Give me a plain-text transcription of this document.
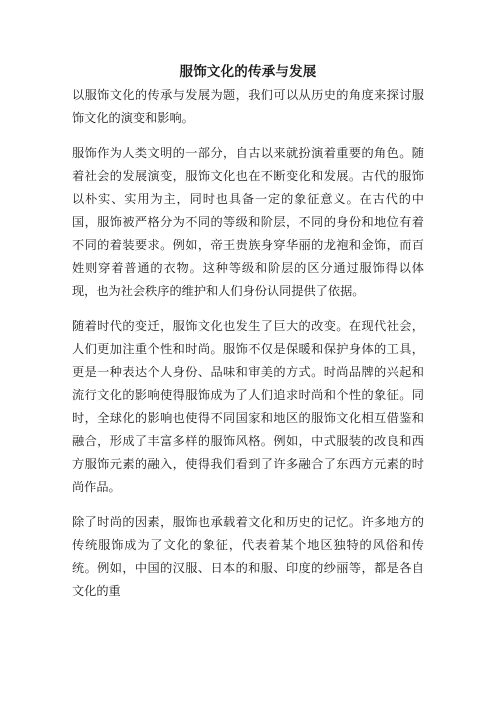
服饰文化的传承与发展

以服饰文化的传承与发展为题，我们可以从历史的角度来探讨服饰文化的演变和影响。

服饰作为人类文明的一部分，自古以来就扮演着重要的角色。随着社会的发展演变，服饰文化也在不断变化和发展。古代的服饰以朴实、实用为主，同时也具备一定的象征意义。在古代的中国，服饰被严格分为不同的等级和阶层，不同的身份和地位有着不同的着装要求。例如，帝王贵族身穿华丽的龙袍和金饰，而百姓则穿着普通的衣物。这种等级和阶层的区分通过服饰得以体现，也为社会秩序的维护和人们身份认同提供了依据。

随着时代的变迁，服饰文化也发生了巨大的改变。在现代社会，人们更加注重个性和时尚。服饰不仅是保暖和保护身体的工具，更是一种表达个人身份、品味和审美的方式。时尚品牌的兴起和流行文化的影响使得服饰成为了人们追求时尚和个性的象征。同时，全球化的影响也使得不同国家和地区的服饰文化相互借鉴和融合，形成了丰富多样的服饰风格。例如，中式服装的改良和西方服饰元素的融入，使得我们看到了许多融合了东西方元素的时尚作品。

除了时尚的因素，服饰也承载着文化和历史的记忆。许多地方的传统服饰成为了文化的象征，代表着某个地区独特的风俗和传统。例如，中国的汉服、日本的和服、印度的纱丽等，都是各自文化的重
